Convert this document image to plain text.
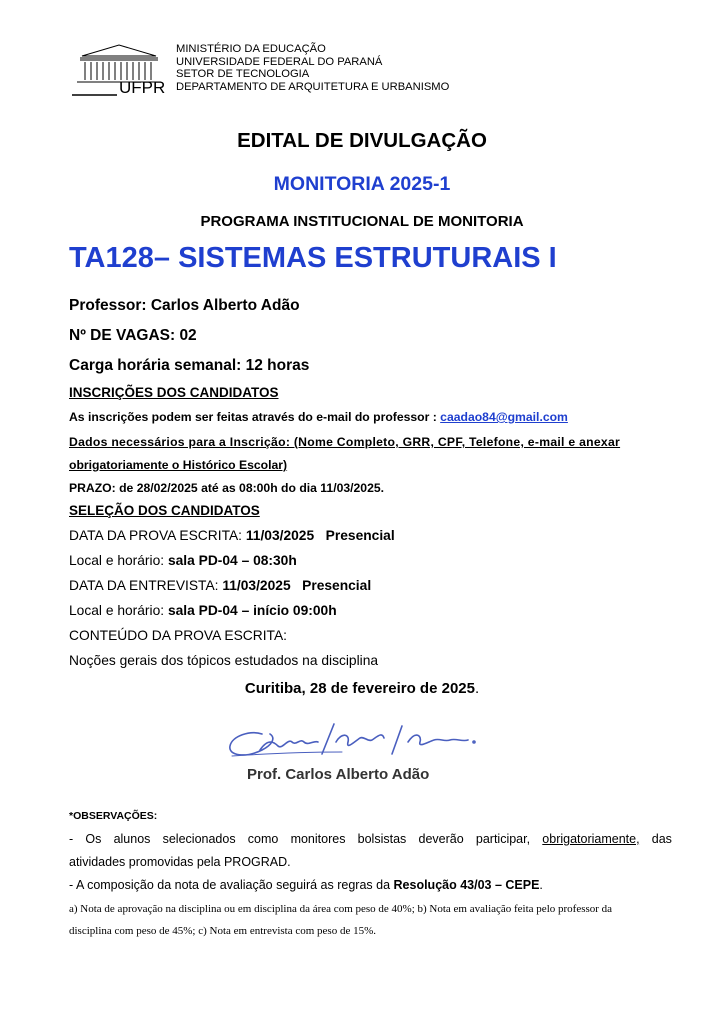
UFPR
MINISTÉRIO DA EDUCAÇÃO
UNIVERSIDADE FEDERAL DO PARANÁ
SETOR DE TECNOLOGIA
DEPARTAMENTO DE ARQUITETURA E URBANISMO
EDITAL DE DIVULGAÇÃO
MONITORIA 2025-1
PROGRAMA INSTITUCIONAL DE MONITORIA
TA128– SISTEMAS ESTRUTURAIS I
Professor: Carlos Alberto Adão
Nº DE VAGAS: 02
Carga horária semanal: 12 horas
INSCRIÇÕES DOS CANDIDATOS
As inscrições podem ser feitas através do e-mail do professor : caadao84@gmail.com
Dados necessários para a Inscrição: (Nome Completo, GRR, CPF, Telefone, e-mail e anexar
obrigatoriamente o Histórico Escolar)
PRAZO: de 28/02/2025 até as 08:00h do dia 11/03/2025.
SELEÇÃO DOS CANDIDATOS
DATA DA PROVA ESCRITA: 11/03/2025   Presencial
Local e horário: sala PD-04 – 08:30h
DATA DA ENTREVISTA: 11/03/2025   Presencial
Local e horário: sala PD-04 – início 09:00h
CONTEÚDO DA PROVA ESCRITA:
Noções gerais dos tópicos estudados na disciplina
Curitiba, 28 de fevereiro de 2025.
Prof. Carlos Alberto Adão
*OBSERVAÇÕES:
- Os alunos selecionados como monitores bolsistas deverão participar, obrigatoriamente, das
atividades promovidas pela PROGRAD.
- A composição da nota de avaliação seguirá as regras da Resolução 43/03 – CEPE.
a) Nota de aprovação na disciplina ou em disciplina da área com peso de 40%; b) Nota em avaliação feita pelo professor da
disciplina com peso de 45%; c) Nota em entrevista com peso de 15%.
